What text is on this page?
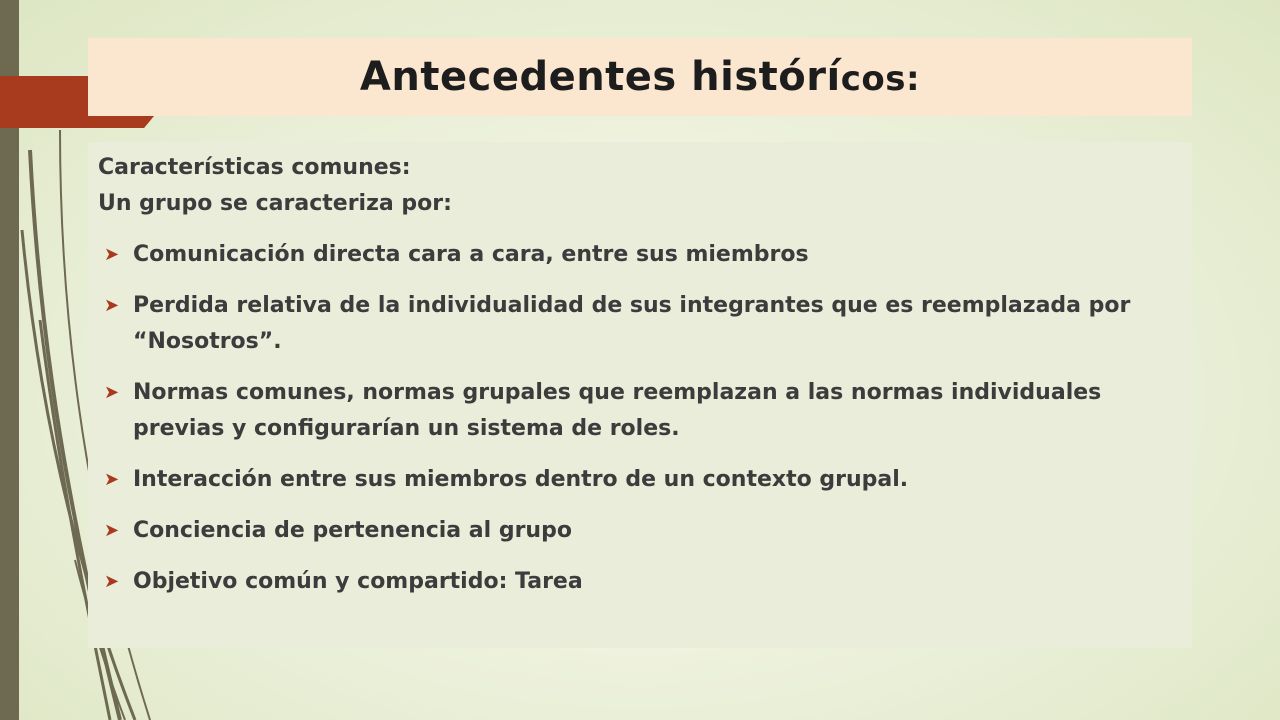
Antecedentes histórícos:

Características comunes:

Un grupo se caracteriza por:

➤ Comunicación directa cara a cara, entre sus miembros
➤ Perdida relativa de la individualidad de sus integrantes que es reemplazada por “Nosotros”.
➤ Normas comunes, normas grupales que reemplazan a las normas individuales previas y configurarían un sistema de roles.
➤ Interacción entre sus miembros dentro de un contexto grupal.
➤ Conciencia de pertenencia al grupo
➤ Objetivo común y compartido: Tarea
